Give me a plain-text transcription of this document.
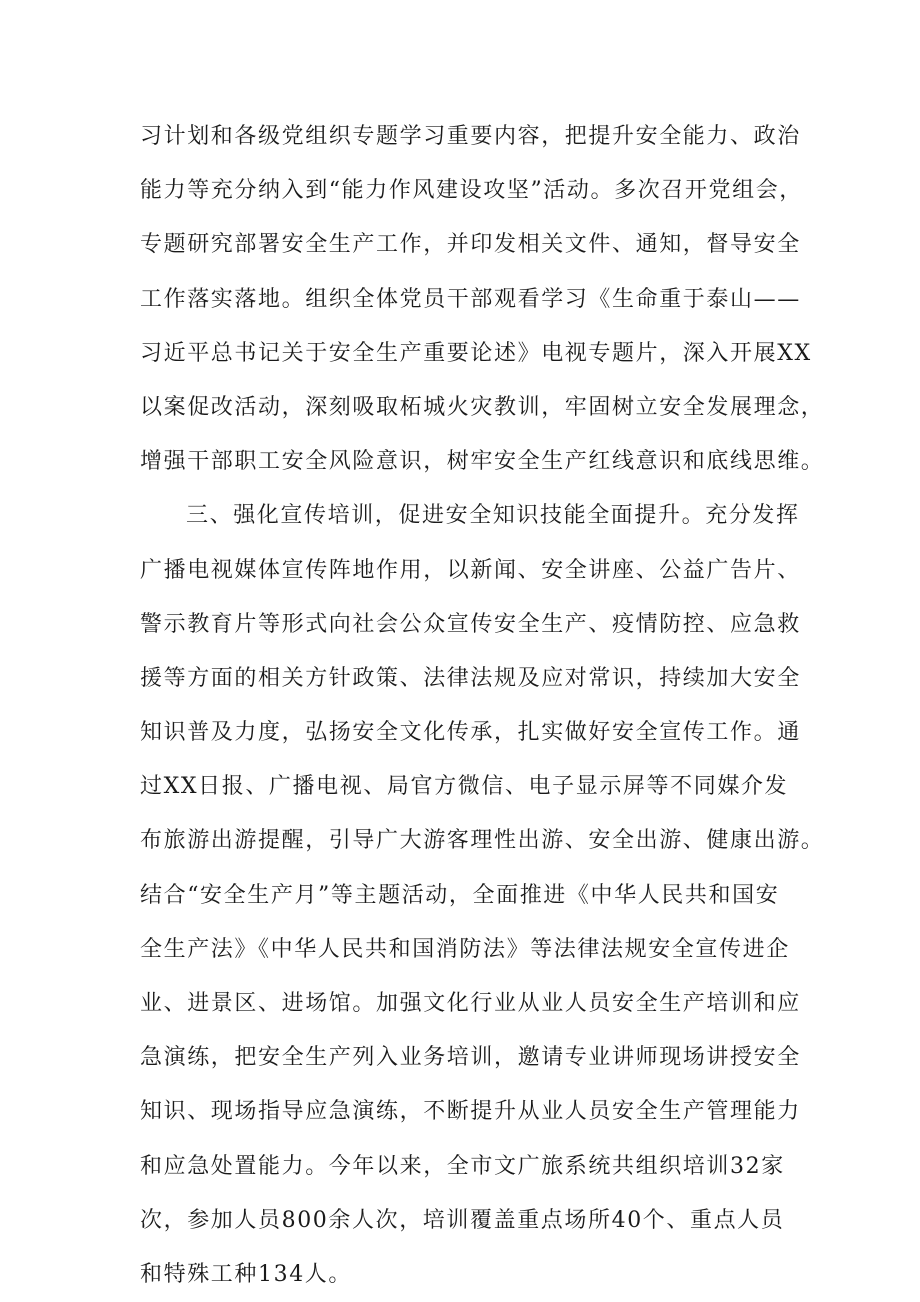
习计划和各级党组织专题学习重要内容，把提升安全能力、政治
能力等充分纳入到“能力作风建设攻坚”活动。多次召开党组会，
专题研究部署安全生产工作，并印发相关文件、通知，督导安全
工作落实落地。组织全体党员干部观看学习《生命重于泰山——
习近平总书记关于安全生产重要论述》电视专题片，深入开展XX
以案促改活动，深刻吸取柘城火灾教训，牢固树立安全发展理念，
增强干部职工安全风险意识，树牢安全生产红线意识和底线思维。
三、强化宣传培训，促进安全知识技能全面提升。充分发挥
广播电视媒体宣传阵地作用，以新闻、安全讲座、公益广告片、
警示教育片等形式向社会公众宣传安全生产、疫情防控、应急救
援等方面的相关方针政策、法律法规及应对常识，持续加大安全
知识普及力度，弘扬安全文化传承，扎实做好安全宣传工作。通
过XX日报、广播电视、局官方微信、电子显示屏等不同媒介发
布旅游出游提醒，引导广大游客理性出游、安全出游、健康出游。
结合“安全生产月”等主题活动，全面推进《中华人民共和国安
全生产法》《中华人民共和国消防法》等法律法规安全宣传进企
业、进景区、进场馆。加强文化行业从业人员安全生产培训和应
急演练，把安全生产列入业务培训，邀请专业讲师现场讲授安全
知识、现场指导应急演练，不断提升从业人员安全生产管理能力
和应急处置能力。今年以来，全市文广旅系统共组织培训32家
次，参加人员800余人次，培训覆盖重点场所40个、重点人员
和特殊工种134人。
